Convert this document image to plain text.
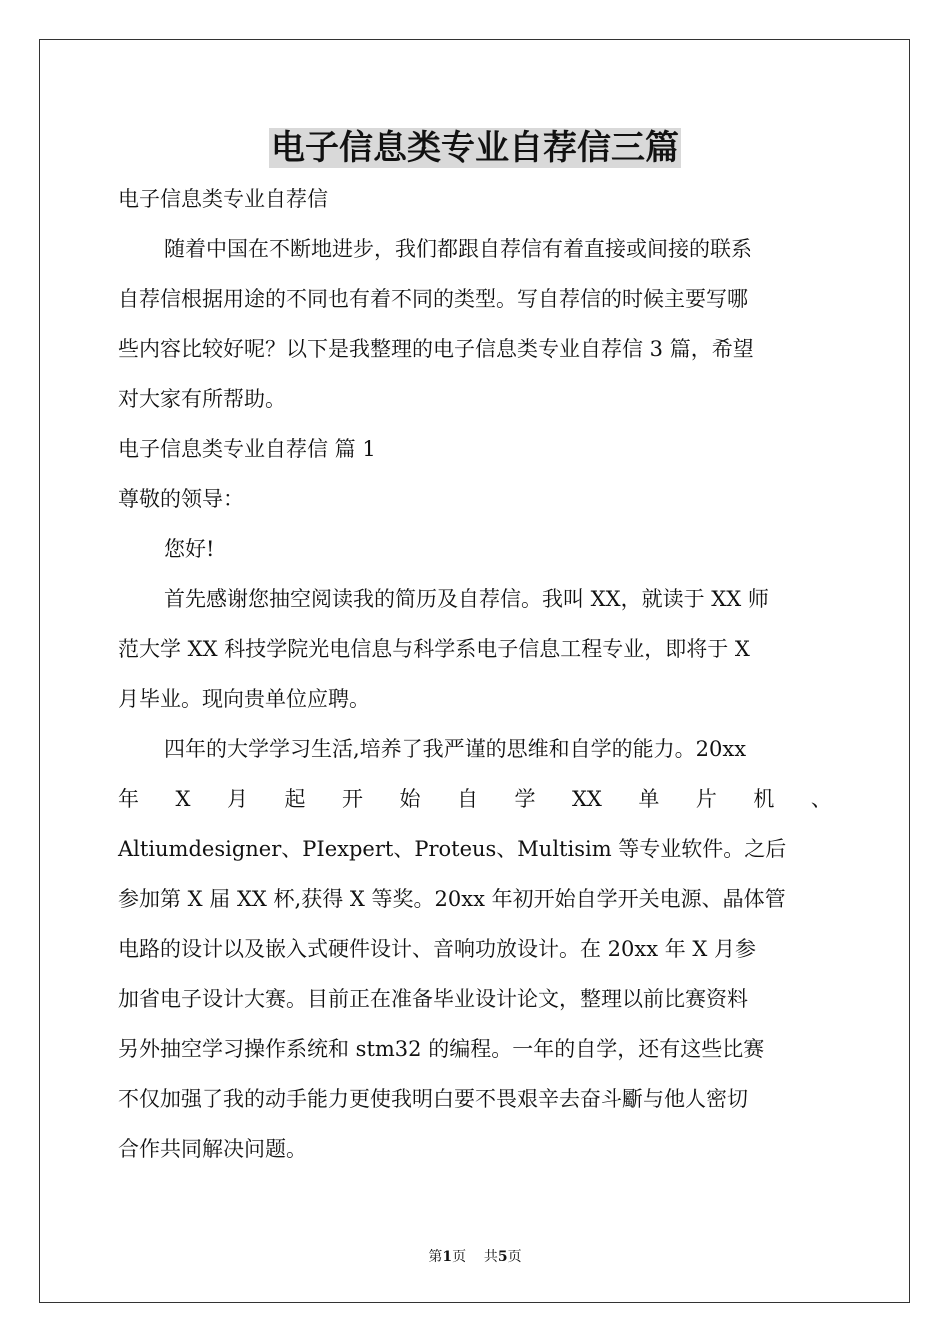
电子信息类专业自荐信三篇
电子信息类专业自荐信
随着中国在不断地进步，我们都跟自荐信有着直接或间接的联系
自荐信根据用途的不同也有着不同的类型。写自荐信的时候主要写哪
些内容比较好呢？以下是我整理的电子信息类专业自荐信 3 篇，希望
对大家有所帮助。
电子信息类专业自荐信 篇 1
尊敬的领导：
您好!
首先感谢您抽空阅读我的简历及自荐信。我叫 XX，就读于 XX 师
范大学 XX 科技学院光电信息与科学系电子信息工程专业，即将于 X
月毕业。现向贵单位应聘。
四年的大学学习生活,培养了我严谨的思维和自学的能力。20xx
年 X 月 起 开 始 自 学 XX 单 片 机 、
Altiumdesigner、PIexpert、Proteus、Multisim 等专业软件。之后
参加第 X 届 XX 杯,获得 X 等奖。20xx 年初开始自学开关电源、晶体管
电路的设计以及嵌入式硬件设计、音响功放设计。在 20xx 年 X 月参
加省电子设计大赛。目前正在准备毕业设计论文，整理以前比赛资料
另外抽空学习操作系统和 stm32 的编程。一年的自学，还有这些比赛
不仅加强了我的动手能力更使我明白要不畏艰辛去奋斗斸与他人密切
合作共同解决问题。
第1页 共5页
